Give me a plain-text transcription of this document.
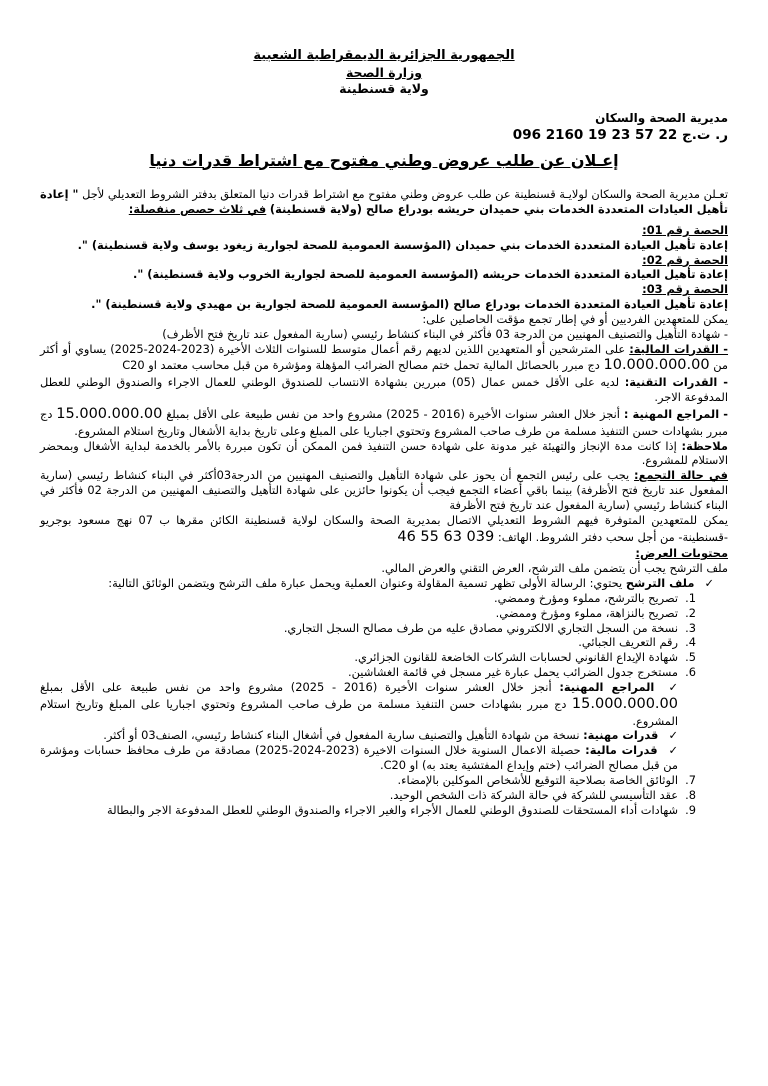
الجمهورية الجزائرية الديمقراطية الشعبية
وزارة الصحة
ولاية قسنطينة
مديرية الصحة والسكان
ر. ت.ج 22 57 23 19 2160 096
إعـلان عن طلب عروض وطني مفتوح مع اشتراط قدرات دنيا

تعـلن مديرية الصحة والسكان لولايـة قسنطينة عن طلب عروض وطني مفتوح مع اشتراط قدرات دنيا المتعلق بدفتر الشروط التعديلي لأجل " إعادة تأهيل العيادات المتعددة الخدمات بني حميدان حريشه بودراع صالح (ولاية قسنطينة) في ثلاث حصص منفصلة:

الحصة رقم 01:
إعادة تأهيل العيادة المتعددة الخدمات بني حميدان (المؤسسة العمومية للصحة لجوارية زيغود يوسف ولاية قسنطينة) ".
الحصة رقم 02:
إعادة تأهيل العيادة المتعددة الخدمات حريشه (المؤسسة العمومية للصحة لجوارية الخروب ولاية قسنطينة) ".
الحصة رقم 03:
إعادة تأهيل العيادة المتعددة الخدمات بودراع صالح (المؤسسة العمومية للصحة لجوارية بن مهيدي ولاية قسنطينة) ".

يمكن للمتعهدين الفرديين أو في إطار تجمع مؤقت الحاصلين على:

- شهادة التأهيل والتصنيف المهنيين من الدرجة 03 فأكثر في البناء كنشاط رئيسي (سارية المفعول عند تاريخ فتح الأظرف)

- القدرات المالية: على المترشحين أو المتعهدين اللذين لديهم رقم أعمال متوسط للسنوات الثلاث الأخيرة (2023-2024-2025) يساوي أو أكثر من 10.000.000.00 دج مبرر بالحصائل المالية تحمل ختم مصالح الضرائب المؤهلة ومؤشرة من قبل محاسب معتمد او C20

- القدرات التقنية: لديه على الأقل خمس عمال (05) مبررين بشهادة الانتساب للصندوق الوطني للعمال الاجراء والصندوق الوطني للعطل المدفوعة الاجر.

- المراجع المهنية : أنجز خلال العشر سنوات الأخيرة (2016 - 2025) مشروع واحد من نفس طبيعة على الأقل بمبلغ 15.000.000.00 دج مبرر بشهادات حسن التنفيذ مسلمة من طرف صاحب المشروع وتحتوي اجباريا على المبلغ وعلى تاريخ بداية الأشغال وتاريخ استلام المشروع.

ملاحظة: إذا كانت مدة الإنجاز والتهيئة غير مدونة على شهادة حسن التنفيذ فمن الممكن أن تكون مبررة بالأمر بالخدمة لبداية الأشغال وبمحضر الاستلام للمشروع.

في حالة التجمع: يجب على رئيس التجمع أن يحوز على شهادة التأهيل والتصنيف المهنيين من الدرجة03أكثر في البناء كنشاط رئيسي (سارية المفعول عند تاريخ فتح الأظرفة) بينما باقي أعضاء التجمع فيجب أن يكونوا حائزين على شهادة التأهيل والتصنيف المهنيين من الدرجة 02 فأكثر في البناء كنشاط رئيسي (سارية المفعول عند تاريخ فتح الأظرفة

يمكن للمتعهدين المتوفرة فيهم الشروط التعديلي الاتصال بمديرية الصحة والسكان لولاية قسنطينة الكائن مقرها ب 07 نهج مسعود بوجريو -قسنطينة- من أجل سحب دفتر الشروط. الهاتف: 039 63 55 46

محتويات العرض:

ملف الترشح يجب أن يتضمن ملف الترشح، العرض التقني والعرض المالي.

✓ ملف الترشح يحتوي: الرسالة الأولى تظهر تسمية المقاولة وعنوان العملية ويحمل عبارة ملف الترشح ويتضمن الوثائق التالية:

1.تصريح بالترشح، مملوء ومؤرخ وممضي.
2.تصريح بالنزاهة، مملوء ومؤرخ وممضي.
3.نسخة من السجل التجاري الالكتروني مصادق عليه من طرف مصالح السجل التجاري.
4.رقم التعريف الجبائي.
5.شهادة الإيداع القانوني لحسابات الشركات الخاضعة للقانون الجزائري.
6.مستخرج جدول الضرائب يحمل عبارة غير مسجل في قائمة الغشاشين.

✓ المراجع المهنية: أنجز خلال العشر سنوات الأخيرة (2016 - 2025) مشروع واحد من نفس طبيعة على الأقل بمبلغ 15.000.000.00 دج مبرر بشهادات حسن التنفيذ مسلمة من طرف صاحب المشروع وتحتوي اجباريا على المبلغ وتاريخ استلام المشروع.

✓ قدرات مهنية: نسخة من شهادة التأهيل والتصنيف سارية المفعول في أشغال البناء كنشاط رئيسي، الصنف03 أو أكثر.

✓ قدرات مالية: حصيلة الاعمال السنوية خلال السنوات الاخيرة (2023-2024-2025) مصادقة من طرف محافظ حسابات ومؤشرة من قبل مصالح الضرائب (ختم وإيداع المفتشية يعتد به) او C20.

7.الوثائق الخاصة بصلاحية التوقيع للأشخاص الموكلين بالإمضاء.
8.عقد التأسيسي للشركة في حالة الشركة ذات الشخص الوحيد.
9.شهادات أداء المستحقات للصندوق الوطني للعمال الأجراء والغير الاجراء والصندوق الوطني للعطل المدفوعة الاجر والبطالة
